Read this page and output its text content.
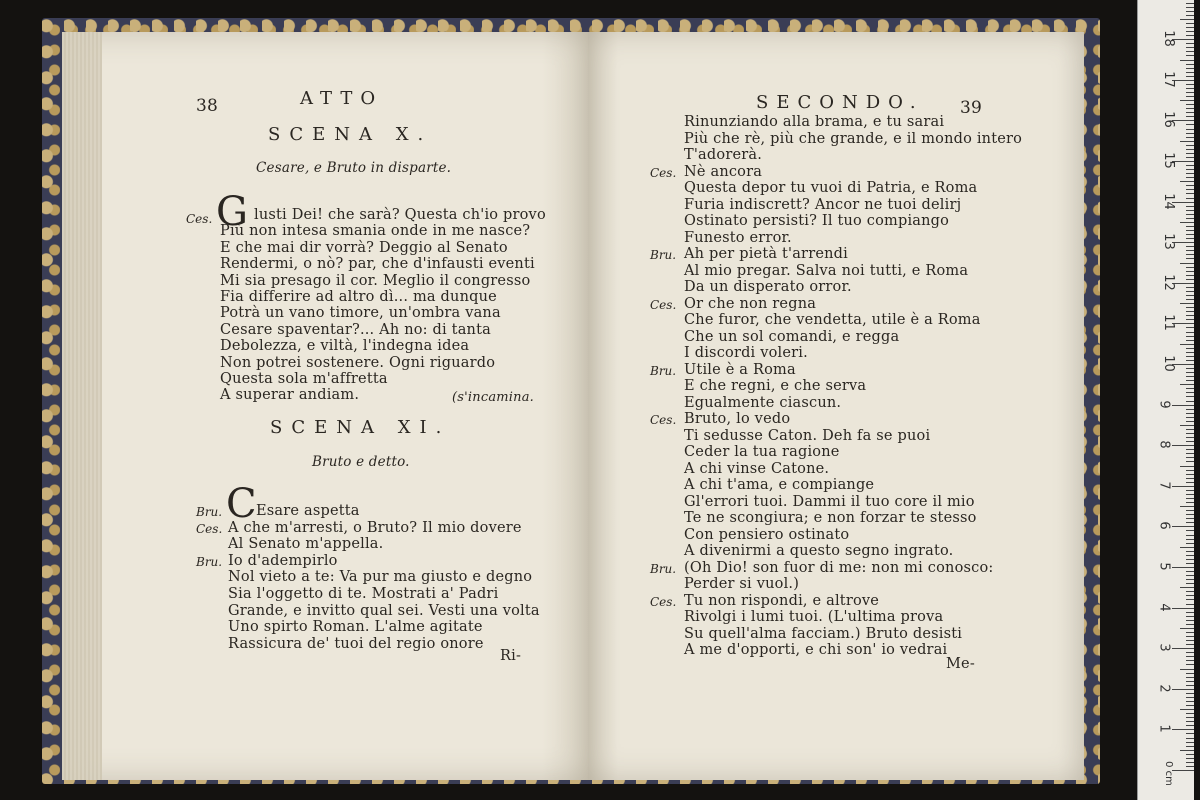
38	ATTO
SCENA X.
Cesare, e Bruto in disparte.
Ces. G lusti Dei! che sarà? Questa ch'io provo
Più non intesa smania onde in me nasce?
E che mai dir vorrà? Deggio al Senato
Rendermi, o nò? par, che d'infausti eventi
Mi sia presago il cor. Meglio il congresso
Fia differire ad altro dì... ma dunque
Potrà un vano timore, un'ombra vana
Cesare spaventar?... Ah no: di tanta
Debolezza, e viltà, l'indegna idea
Non potrei sostenere. Ogni riguardo
Questa sola m'affretta
A superar andiam.	(s'incamina.
SCENA XI.
Bruto e detto.
C
Bru. Esare aspetta
Ces. A che m'arresti, o Bruto? Il mio dovere
Al Senato m'appella.
Bru. Io d'adempirlo
Nol vieto a te: Va pur ma giusto e degno
Sia l'oggetto di te. Mostrati a' Padri
Grande, e invitto qual sei. Vesti una volta
Uno spirto Roman. L'alme agitate
Rassicura de' tuoi del regio onore
Ri-
SECONDO. 39
Rinunziando alla brama, e tu sarai
Più che rè, più che grande, e il mondo intero
T'adorerà.
Ces. Nè ancora
Questa depor tu vuoi di Patria, e Roma
Furia indiscrett? Ancor ne tuoi delirj
Ostinato persisti? Il tuo compiango
Funesto error.
Bru. Ah per pietà t'arrendi
Al mio pregar. Salva noi tutti, e Roma
Da un disperato orror.
Ces. Or che non regna
Che furor, che vendetta, utile è a Roma
Che un sol comandi, e regga
I discordi voleri.
Bru. Utile è a Roma
E che regni, e che serva
Egualmente ciascun.
Ces. Bruto, lo vedo
Ti sedusse Caton. Deh fa se puoi
Ceder la tua ragione
A chi vinse Catone.
A chi t'ama, e compiange
Gl'errori tuoi. Dammi il tuo core il mio
Te ne scongiura; e non forzar te stesso
Con pensiero ostinato
A divenirmi a questo segno ingrato.
Bru. (Oh Dio! son fuor di me: non mi conosco:
Perder si vuol.)
Ces. Tu non rispondi, e altrove
Rivolgi i lumi tuoi. (L'ultima prova
Su quell'alma facciam.) Bruto desisti
A me d'opporti, e chi son' io vedrai
Me-
18
17
16
15
14
13
12
11
10
9
8
7
6
5
4
3
2
1
0 cm
